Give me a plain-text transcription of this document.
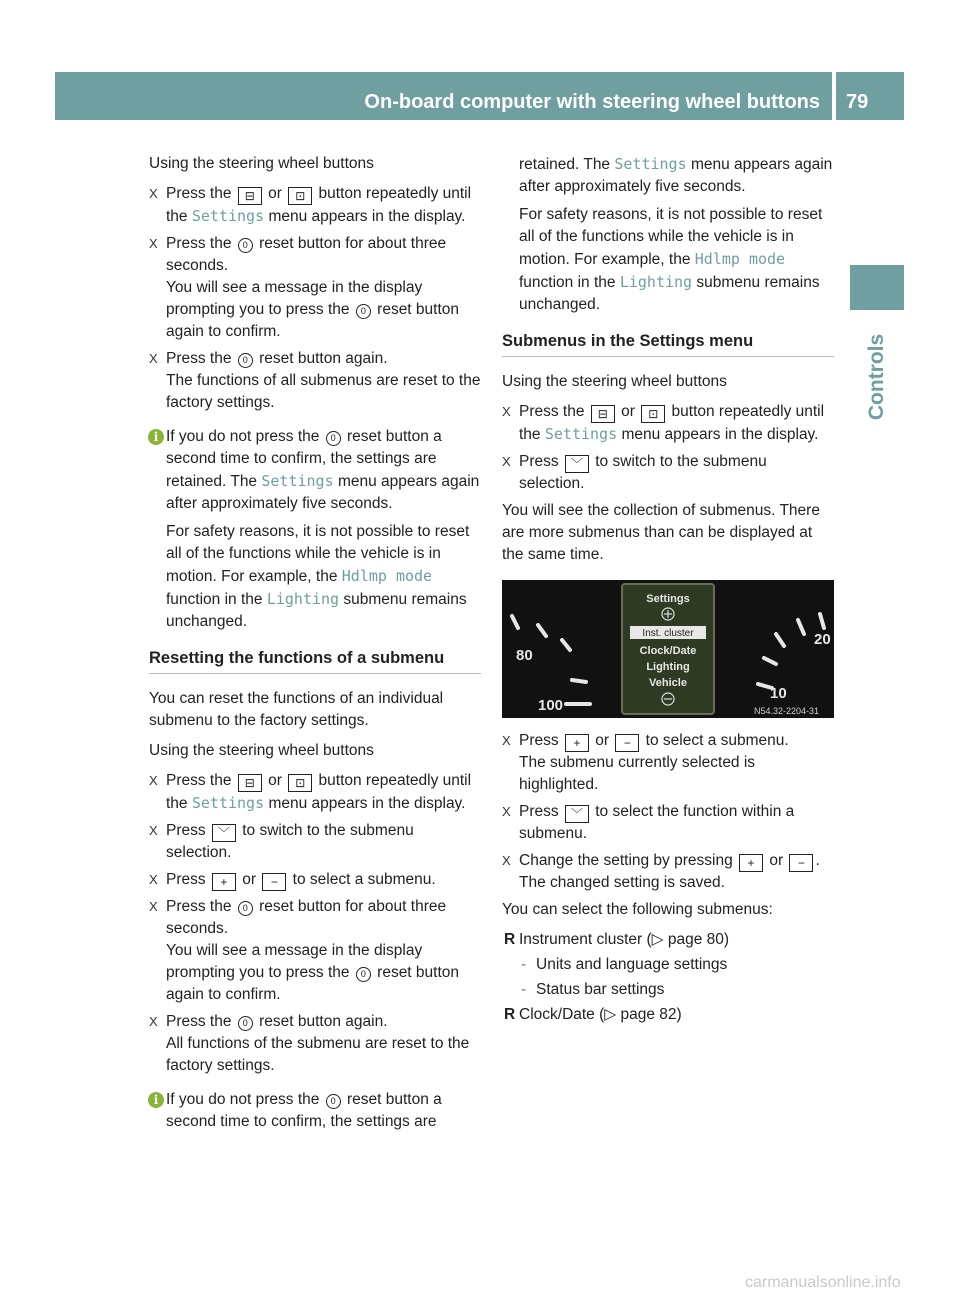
On-board computer with steering wheel buttons 79
Controls

Using the steering wheel buttons

X Press the ⊟ or ⊡ button repeatedly until the Settings menu appears in the display.
X Press the 0 reset button for about three seconds.
You will see a message in the display prompting you to press the 0 reset button again to confirm.
X Press the 0 reset button again.
The functions of all submenus are reset to the factory settings.
i If you do not press the 0 reset button a second time to confirm, the settings are retained. The Settings menu appears again after approximately five seconds.
For safety reasons, it is not possible to reset all of the functions while the vehicle is in motion. For example, the Hdlmp mode function in the Lighting submenu remains unchanged.
Resetting the functions of a submenu

You can reset the functions of an individual submenu to the factory settings.

Using the steering wheel buttons

X Press the ⊟ or ⊡ button repeatedly until the Settings menu appears in the display.
X Press ﹀ to switch to the submenu selection.
X Press + or − to select a submenu.
X Press the 0 reset button for about three seconds.
You will see a message in the display prompting you to press the 0 reset button again to confirm.
X Press the 0 reset button again.
All functions of the submenu are reset to the factory settings.
i If you do not press the 0 reset button a second time to confirm, the settings are
retained. The Settings menu appears again after approximately five seconds.
For safety reasons, it is not possible to reset all of the functions while the vehicle is in motion. For example, the Hdlmp mode function in the Lighting submenu remains unchanged.
Submenus in the Settings menu

Using the steering wheel buttons

X Press the ⊟ or ⊡ button repeatedly until the Settings menu appears in the display.
X Press ﹀ to switch to the submenu selection.

You will see the collection of submenus. There are more submenus than can be displayed at the same time.

80
100
Settings
Inst. cluster
Clock/Date
Lighting
Vehicle
20
10
N54.32-2204-31
X Press + or − to select a submenu.
The submenu currently selected is highlighted.
X Press ﹀ to select the function within a submenu.
X Change the setting by pressing + or − .
The changed setting is saved.

You can select the following submenus:

R Instrument cluster (▷ page 80)
- Units and language settings
- Status bar settings
R Clock/Date (▷ page 82)
carmanualsonline.info
